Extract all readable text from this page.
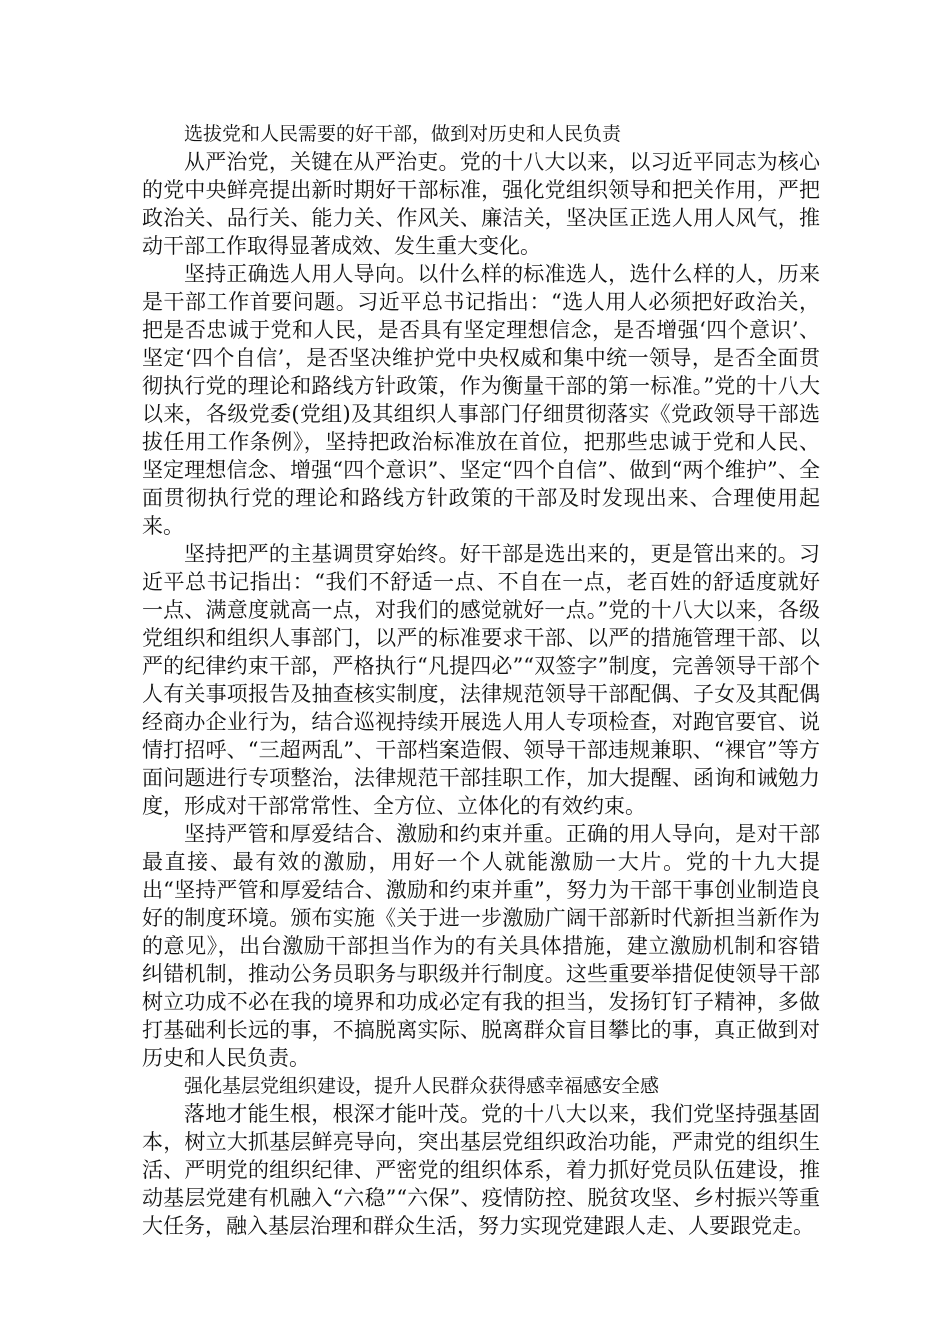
选拔党和人民需要的好干部，做到对历史和人民负责

从严治党，关键在从严治吏。党的十八大以来，以习近平同志为核心的党中央鲜亮提出新时期好干部标准，强化党组织领导和把关作用，严把政治关、品行关、能力关、作风关、廉洁关，坚决匡正选人用人风气，推动干部工作取得显著成效、发生重大变化。

坚持正确选人用人导向。以什么样的标准选人，选什么样的人，历来是干部工作首要问题。习近平总书记指出：“选人用人必须把好政治关，把是否忠诚于党和人民，是否具有坚定理想信念，是否增强‘四个意识’、坚定‘四个自信’，是否坚决维护党中央权威和集中统一领导，是否全面贯彻执行党的理论和路线方针政策，作为衡量干部的第一标准。”党的十八大以来，各级党委(党组)及其组织人事部门仔细贯彻落实《党政领导干部选拔任用工作条例》，坚持把政治标准放在首位，把那些忠诚于党和人民、坚定理想信念、增强“四个意识”、坚定“四个自信”、做到“两个维护”、全面贯彻执行党的理论和路线方针政策的干部及时发现出来、合理使用起来。

坚持把严的主基调贯穿始终。好干部是选出来的，更是管出来的。习近平总书记指出：“我们不舒适一点、不自在一点，老百姓的舒适度就好一点、满意度就高一点，对我们的感觉就好一点。”党的十八大以来，各级党组织和组织人事部门，以严的标准要求干部、以严的措施管理干部、以严的纪律约束干部，严格执行“凡提四必”“双签字”制度，完善领导干部个人有关事项报告及抽查核实制度，法律规范领导干部配偶、子女及其配偶经商办企业行为，结合巡视持续开展选人用人专项检查，对跑官要官、说情打招呼、“三超两乱”、干部档案造假、领导干部违规兼职、“裸官”等方面问题进行专项整治，法律规范干部挂职工作，加大提醒、函询和诫勉力度，形成对干部常常性、全方位、立体化的有效约束。

坚持严管和厚爱结合、激励和约束并重。正确的用人导向，是对干部最直接、最有效的激励，用好一个人就能激励一大片。党的十九大提出“坚持严管和厚爱结合、激励和约束并重”，努力为干部干事创业制造良好的制度环境。颁布实施《关于进一步激励广阔干部新时代新担当新作为的意见》，出台激励干部担当作为的有关具体措施，建立激励机制和容错纠错机制，推动公务员职务与职级并行制度。这些重要举措促使领导干部树立功成不必在我的境界和功成必定有我的担当，发扬钉钉子精神，多做打基础利长远的事，不搞脱离实际、脱离群众盲目攀比的事，真正做到对历史和人民负责。

强化基层党组织建设，提升人民群众获得感幸福感安全感

落地才能生根，根深才能叶茂。党的十八大以来，我们党坚持强基固本，树立大抓基层鲜亮导向，突出基层党组织政治功能，严肃党的组织生活、严明党的组织纪律、严密党的组织体系，着力抓好党员队伍建设，推动基层党建有机融入“六稳”“六保”、疫情防控、脱贫攻坚、乡村振兴等重大任务，融入基层治理和群众生活，努力实现党建跟人走、人要跟党走。
